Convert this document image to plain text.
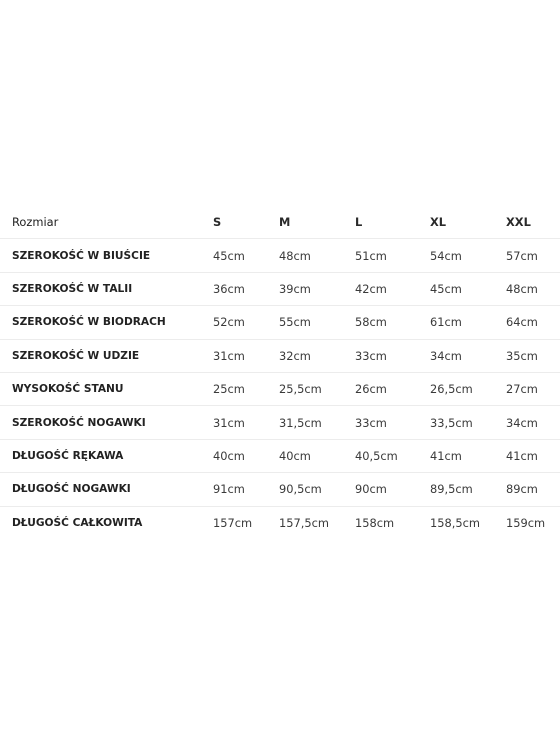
Rozmiar	S	M	L	XL	XXL
SZEROKOŚĆ W BIUŚCIE	45cm	48cm	51cm	54cm	57cm
SZEROKOŚĆ W TALII	36cm	39cm	42cm	45cm	48cm
SZEROKOŚĆ W BIODRACH	52cm	55cm	58cm	61cm	64cm
SZEROKOŚĆ W UDZIE	31cm	32cm	33cm	34cm	35cm
WYSOKOŚĆ STANU	25cm	25,5cm	26cm	26,5cm	27cm
SZEROKOŚĆ NOGAWKI	31cm	31,5cm	33cm	33,5cm	34cm
DŁUGOŚĆ RĘKAWA	40cm	40cm	40,5cm	41cm	41cm
DŁUGOŚĆ NOGAWKI	91cm	90,5cm	90cm	89,5cm	89cm
DŁUGOŚĆ CAŁKOWITA	157cm	157,5cm	158cm	158,5cm	159cm
